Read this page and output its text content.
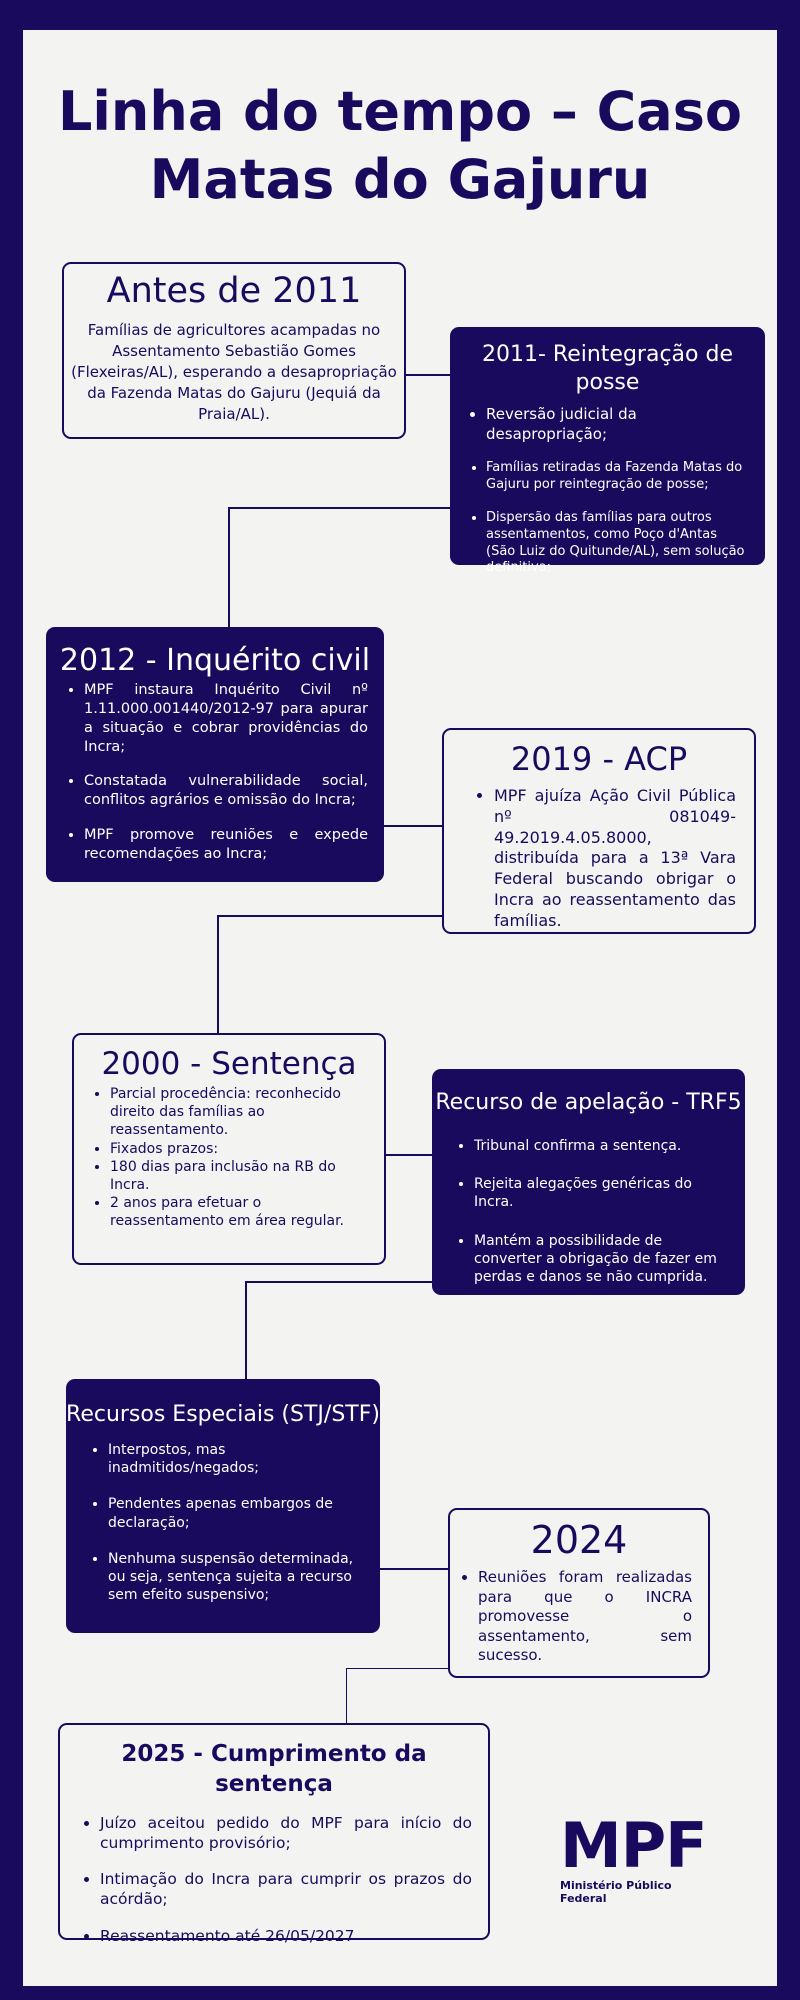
Linha do tempo – Caso
Matas do Gajuru
Antes de 2011

Famílias de agricultores acampadas no Assentamento Sebastião Gomes (Flexeiras/AL), esperando a desapropriação da Fazenda Matas do Gajuru (Jequiá da Praia/AL).

2011- Reintegração de posse
• Reversão judicial da desapropriação;
• Famílias retiradas da Fazenda Matas do Gajuru por reintegração de posse;
• Dispersão das famílias para outros assentamentos, como Poço d'Antas (São Luiz do Quitunde/AL), sem solução definitiva;
2012 - Inquérito civil
• MPF instaura Inquérito Civil nº 1.11.000.001440/2012-97 para apurar a situação e cobrar providências do Incra;
• Constatada vulnerabilidade social, conflitos agrários e omissão do Incra;
• MPF promove reuniões e expede recomendações ao Incra;
2019 - ACP
• MPF ajuíza Ação Civil Pública nº 081049-49.2019.4.05.8000, distribuída para a 13ª Vara Federal buscando obrigar o Incra ao reassentamento das famílias.
2000 - Sentença
• Parcial procedência: reconhecido direito das famílias ao reassentamento.
• Fixados prazos:
• 180 dias para inclusão na RB do Incra.
• 2 anos para efetuar o reassentamento em área regular.
Recurso de apelação - TRF5
• Tribunal confirma a sentença.
• Rejeita alegações genéricas do Incra.
• Mantém a possibilidade de converter a obrigação de fazer em perdas e danos se não cumprida.
Recursos Especiais (STJ/STF)
• Interpostos, mas inadmitidos/negados;
• Pendentes apenas embargos de declaração;
• Nenhuma suspensão determinada, ou seja, sentença sujeita a recurso sem efeito suspensivo;
2024
• Reuniões foram realizadas para que o INCRA promovesse o assentamento, sem sucesso.
2025 - Cumprimento da sentença
• Juízo aceitou pedido do MPF para início do cumprimento provisório;
• Intimação do Incra para cumprir os prazos do acórdão;
• Reassentamento até 26/05/2027
MPF
Ministério Público Federal
